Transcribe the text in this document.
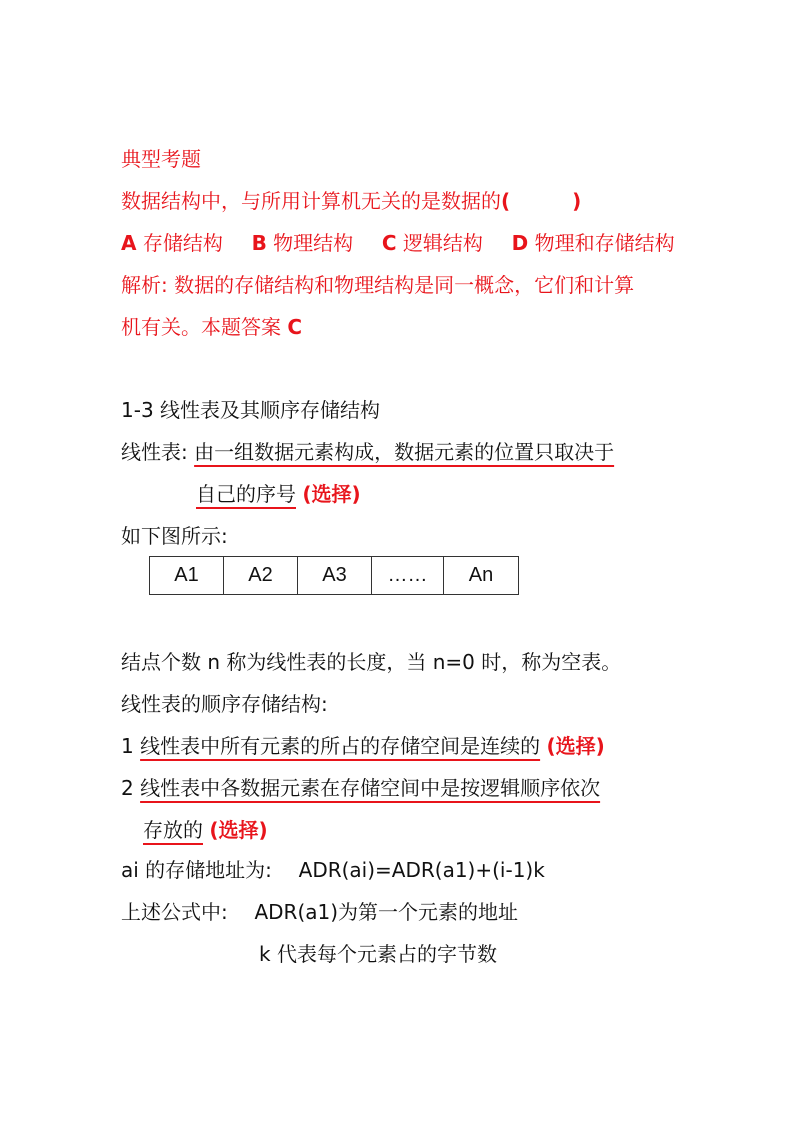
典型考题
数据结构中，与所用计算机无关的是数据的(	)
A 存储结构 B 物理结构 C 逻辑结构 D 物理和存储结构
解析: 数据的存储结构和物理结构是同一概念，它们和计算
机有关。本题答案 C
1-3 线性表及其顺序存储结构
线性表: 由一组数据元素构成，数据元素的位置只取决于
自己的序号 (选择)
如下图所示:
A1	A2	A3	……	An
结点个数 n 称为线性表的长度，当 n=0 时，称为空表。
线性表的顺序存储结构:
1 线性表中所有元素的所占的存储空间是连续的 (选择)
2 线性表中各数据元素在存储空间中是按逻辑顺序依次
存放的 (选择)
ai 的存储地址为: ADR(ai)=ADR(a1)+(i-1)k
上述公式中: ADR(a1)为第一个元素的地址
k 代表每个元素占的字节数
